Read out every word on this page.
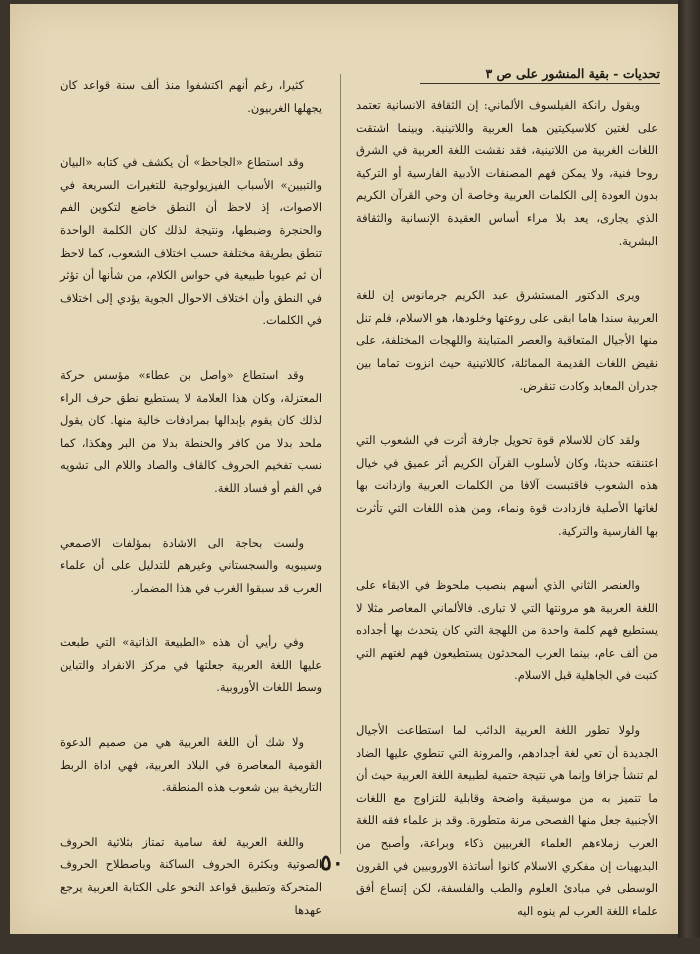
تحديات - بقية المنشور على ص ٣

ويقول رانكة الفيلسوف الألماني: إن الثقافة الانسانية تعتمد على لغتين كلاسيكيتين هما العربية واللاتينية. وبينما اشتقت اللغات الغربية من اللاتينية، فقد نقشت اللغة العربية في الشرق روحا فنية، ولا يمكن فهم المصنفات الأدبية الفارسية أو التركية بدون العودة إلى الكلمات العربية وخاصة أن وحي القرآن الكريم الذي يجارى، يعد بلا مراء أساس العقيدة الإنسانية والثقافة البشرية.

ويرى الدكتور المستشرق عبد الكريم جرمانوس إن للغة العربية سندا هاما ابقى على روعتها وخلودها، هو الاسلام، فلم تنل منها الأجيال المتعاقبة والعصر المتباينة واللهجات المختلفة، على نقيض اللغات القديمة المماثلة، كاللاتينية حيث انزوت تماما بين جدران المعابد وكادت تنقرض.

ولقد كان للاسلام قوة تحويل جارفة أثرت في الشعوب التي اعتنقته حديثا، وكان لأسلوب القرآن الكريم أثر عميق في خيال هذه الشعوب فاقتبست آلافا من الكلمات العربية وازدانت بها لغاتها الأصلية فازدادت قوة ونماء، ومن هذه اللغات التي تأثرت بها الفارسية والتركية.

والعنصر الثاني الذي أسهم بنصيب ملحوظ في الابقاء على اللغة العربية هو مرونتها التي لا تبارى. فالألماني المعاصر مثلا لا يستطيع فهم كلمة واحدة من اللهجة التي كان يتحدث بها أجداده من ألف عام، بينما العرب المحدثون يستطيعون فهم لغتهم التي كتبت في الجاهلية قبل الاسلام.

ولولا تطور اللغة العربية الدائب لما استطاعت الأجيال الجديدة أن تعي لغة أجدادهم، والمرونة التي تنطوي عليها الضاد لم تنشأ جزافا وإنما هي نتيجة حتمية لطبيعة اللغة العربية حيث أن ما تتميز به من موسيقية واضحة وقابلية للتزاوج مع اللغات الأجنبية جعل منها الفصحى مرنة متطورة. وقد بز علماء فقه اللغة العرب زملاءهم العلماء الغربيين ذكاء وبراعة، وأصبح من البديهيات إن مفكري الاسلام كانوا أساتذة الاوروبيين في القرون الوسطى في مبادئ العلوم والطب والفلسفة، لكن إتساع أفق علماء اللغة العرب لم ينوه اليه

كثيرا، رغم أنهم اكتشفوا منذ ألف سنة قواعد كان يجهلها الغربيون.

وقد استطاع «الجاحظ» أن يكشف في كتابه «البيان والتبيين» الأسباب الفيزيولوجية للتغيرات السريعة في الاصوات، إذ لاحظ أن النطق خاضع لتكوين الفم والحنجرة وضبطها، ونتيجة لذلك كان الكلمة الواحدة تنطق بطريقة مختلفة حسب اختلاف الشعوب، كما لاحظ أن ثم عيوبا طبيعية في حواس الكلام، من شأنها أن تؤثر في النطق وأن اختلاف الاحوال الجوية يؤدي إلى اختلاف في الكلمات.

وقد استطاع «واصل بن عطاء» مؤسس حركة المعتزلة، وكان هذا العلامة لا يستطيع نطق حرف الراء لذلك كان يقوم بإبدالها بمرادفات خالية منها. كان يقول ملحد بدلا من كافر والحنطة بدلا من البر وهكذا، كما نسب تفخيم الحروف كالقاف والصاد واللام الى تشويه في الفم أو فساد اللغة.

ولست بحاجة الى الاشادة بمؤلفات الاصمعي وسيبويه والسجستاني وغيرهم للتدليل على أن علماء العرب قد سبقوا الغرب في هذا المضمار.

وفي رأيي أن هذه «الطبيعة الذاتية» التي طبعت عليها اللغة العربية جعلتها في مركز الانفراد والتباين وسط اللغات الأوروبية.

ولا شك أن اللغة العربية هي من صميم الدعوة القومية المعاصرة في البلاد العربية، فهي اداة الربط التاريخية بين شعوب هذه المنطقة.

واللغة العربية لغة سامية تمتاز بثلاثية الحروف الصوتية وبكثرة الحروف الساكنة وباصطلاح الحروف المتحركة وتطبيق قواعد النحو على الكتابة العربية يرجع عهدها

٥٠
